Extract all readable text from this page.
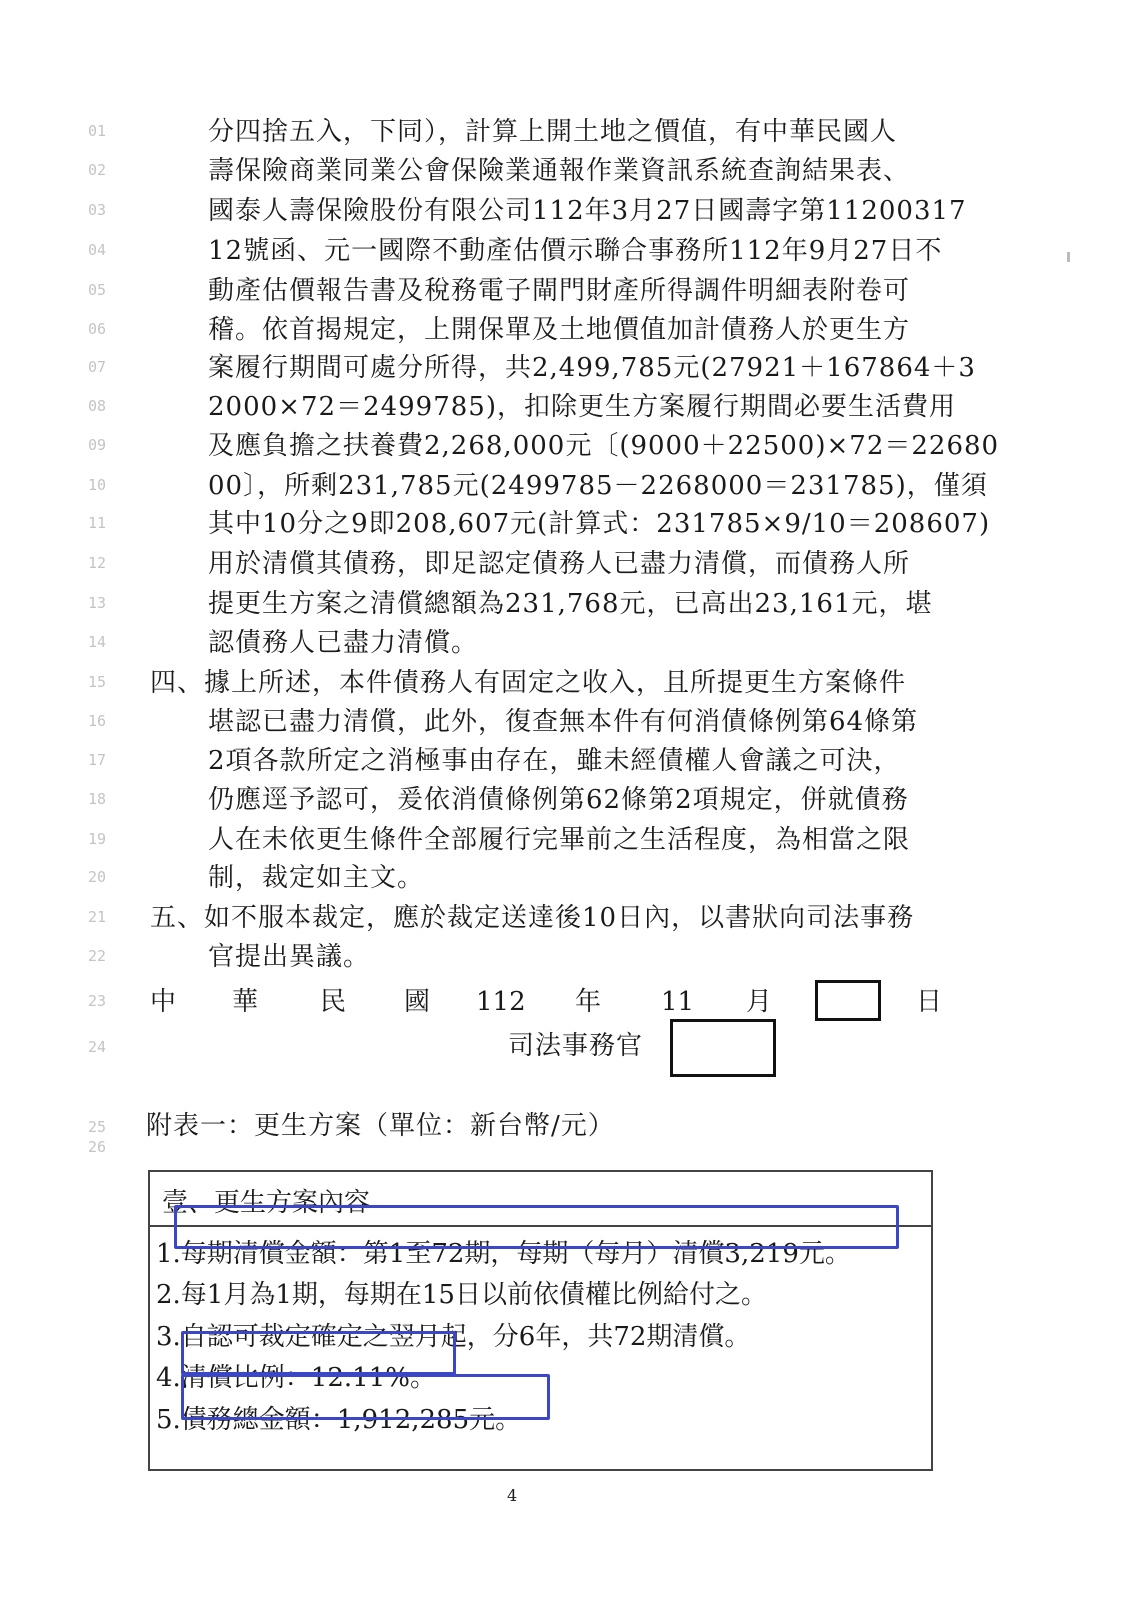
01
02
03
04
05
06
07
08
09
10
11
12
13
14
15
16
17
18
19
20
21
22
23
24
25
26
分四捨五入，下同），計算上開土地之價值，有中華民國人
壽保險商業同業公會保險業通報作業資訊系統查詢結果表、
國泰人壽保險股份有限公司112年3月27日國壽字第11200317
12號函、元一國際不動產估價示聯合事務所112年9月27日不
動產估價報告書及稅務電子閘門財產所得調件明細表附卷可
稽。依首揭規定，上開保單及土地價值加計債務人於更生方
案履行期間可處分所得，共2,499,785元(27921＋167864＋3
2000×72＝2499785)，扣除更生方案履行期間必要生活費用
及應負擔之扶養費2,268,000元〔(9000＋22500)×72＝22680
00〕，所剩231,785元(2499785－2268000＝231785)，僅須
其中10分之9即208,607元(計算式：231785×9/10＝208607)
用於清償其債務，即足認定債務人已盡力清償，而債務人所
提更生方案之清償總額為231,768元，已高出23,161元，堪
認債務人已盡力清償。
四、據上所述，本件債務人有固定之收入，且所提更生方案條件
堪認已盡力清償，此外，復查無本件有何消債條例第64條第
2項各款所定之消極事由存在，雖未經債權人會議之可決，
仍應逕予認可，爰依消債條例第62條第2項規定，併就債務
人在未依更生條件全部履行完畢前之生活程度，為相當之限
制，裁定如主文。
五、如不服本裁定，應於裁定送達後10日內，以書狀向司法事務
官提出異議。
中 華 民 國 112 年 11 月	日
司法事務官
附表一：更生方案（單位：新台幣/元）
壹、更生方案內容
1.每期清償金額：第1至72期，每期（每月）清償3,219元。
2.每1月為1期，每期在15日以前依債權比例給付之。
3.自認可裁定確定之翌月起，分6年，共72期清償。
4.清償比例：12.11%。
5.債務總金額：1,912,285元。
4
